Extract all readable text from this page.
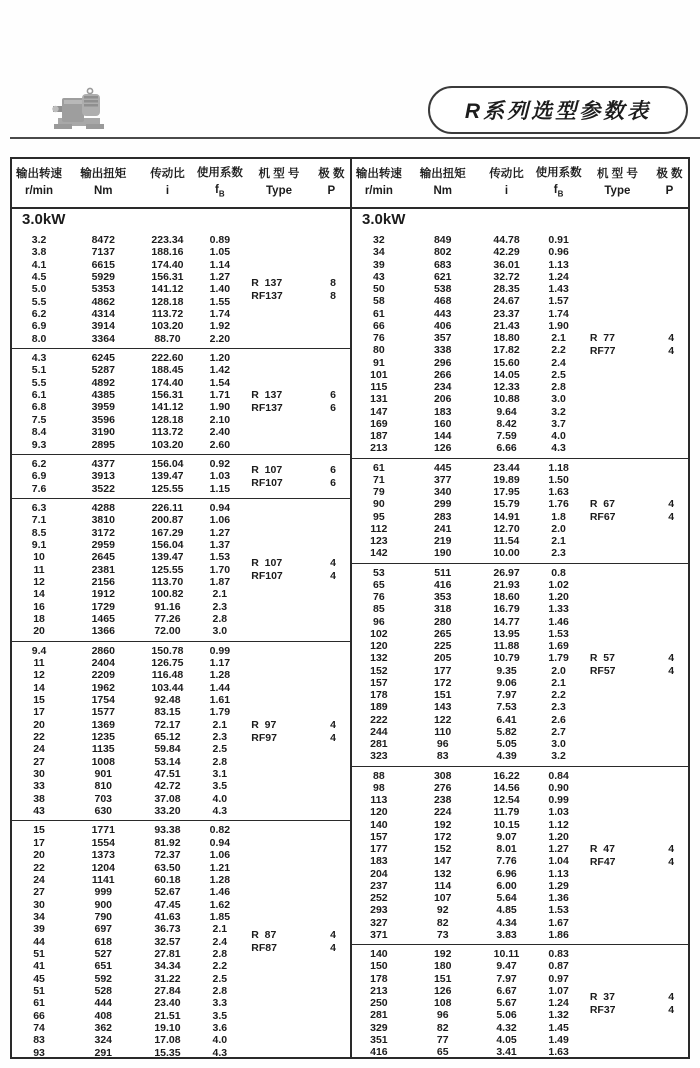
R系列选型参数表
输出转速
r/min
输出扭矩
Nm
传动比
i
使用系数
$f_B$
机 型 号
Type
极 数
P
3.0kW
3.2	8472	223.34	0.89
3.8	7137	188.16	1.05
4.1	6615	174.40	1.14
4.5	5929	156.31	1.27
5.0	5353	141.12	1.40
5.5	4862	128.18	1.55
6.2	4314	113.72	1.74
6.9	3914	103.20	1.92
8.0	3364	88.70	2.20
R  137	8
RF137	8
4.3	6245	222.60	1.20
5.1	5287	188.45	1.42
5.5	4892	174.40	1.54
6.1	4385	156.31	1.71
6.8	3959	141.12	1.90
7.5	3596	128.18	2.10
8.4	3190	113.72	2.40
9.3	2895	103.20	2.60
R  137	6
RF137	6
6.2	4377	156.04	0.92
6.9	3913	139.47	1.03
7.6	3522	125.55	1.15
R  107	6
RF107	6
6.3	4288	226.11	0.94
7.1	3810	200.87	1.06
8.5	3172	167.29	1.27
9.1	2959	156.04	1.37
10	2645	139.47	1.53
11	2381	125.55	1.70
12	2156	113.70	1.87
14	1912	100.82	2.1
16	1729	91.16	2.3
18	1465	77.26	2.8
20	1366	72.00	3.0
R  107	4
RF107	4
9.4	2860	150.78	0.99
11	2404	126.75	1.17
12	2209	116.48	1.28
14	1962	103.44	1.44
15	1754	92.48	1.61
17	1577	83.15	1.79
20	1369	72.17	2.1
22	1235	65.12	2.3
24	1135	59.84	2.5
27	1008	53.14	2.8
30	901	47.51	3.1
33	810	42.72	3.5
38	703	37.08	4.0
43	630	33.20	4.3
R  97	4
RF97	4
15	1771	93.38	0.82
17	1554	81.92	0.94
20	1373	72.37	1.06
22	1204	63.50	1.21
24	1141	60.18	1.28
27	999	52.67	1.46
30	900	47.45	1.62
34	790	41.63	1.85
39	697	36.73	2.1
44	618	32.57	2.4
51	527	27.81	2.8
41	651	34.34	2.2
45	592	31.22	2.5
51	528	27.84	2.8
61	444	23.40	3.3
66	408	21.51	3.5
74	362	19.10	3.6
83	324	17.08	4.0
93	291	15.35	4.3
R  87	4
RF87	4
输出转速
r/min
输出扭矩
Nm
传动比
i
使用系数
$f_B$
机 型 号
Type
极 数
P
3.0kW
32	849	44.78	0.91
34	802	42.29	0.96
39	683	36.01	1.13
43	621	32.72	1.24
50	538	28.35	1.43
58	468	24.67	1.57
61	443	23.37	1.74
66	406	21.43	1.90
76	357	18.80	2.1
80	338	17.82	2.2
91	296	15.60	2.4
101	266	14.05	2.5
115	234	12.33	2.8
131	206	10.88	3.0
147	183	9.64	3.2
169	160	8.42	3.7
187	144	7.59	4.0
213	126	6.66	4.3
R  77	4
RF77	4
61	445	23.44	1.18
71	377	19.89	1.50
79	340	17.95	1.63
90	299	15.79	1.76
95	283	14.91	1.8
112	241	12.70	2.0
123	219	11.54	2.1
142	190	10.00	2.3
R  67	4
RF67	4
53	511	26.97	0.8
65	416	21.93	1.02
76	353	18.60	1.20
85	318	16.79	1.33
96	280	14.77	1.46
102	265	13.95	1.53
120	225	11.88	1.69
132	205	10.79	1.79
152	177	9.35	2.0
157	172	9.06	2.1
178	151	7.97	2.2
189	143	7.53	2.3
222	122	6.41	2.6
244	110	5.82	2.7
281	96	5.05	3.0
323	83	4.39	3.2
R  57	4
RF57	4
88	308	16.22	0.84
98	276	14.56	0.90
113	238	12.54	0.99
120	224	11.79	1.03
140	192	10.15	1.12
157	172	9.07	1.20
177	152	8.01	1.27
183	147	7.76	1.04
204	132	6.96	1.13
237	114	6.00	1.29
252	107	5.64	1.36
293	92	4.85	1.53
327	82	4.34	1.67
371	73	3.83	1.86
R  47	4
RF47	4
140	192	10.11	0.83
150	180	9.47	0.87
178	151	7.97	0.97
213	126	6.67	1.07
250	108	5.67	1.24
281	96	5.06	1.32
329	82	4.32	1.45
351	77	4.05	1.49
416	65	3.41	1.63
R  37	4
RF37	4
